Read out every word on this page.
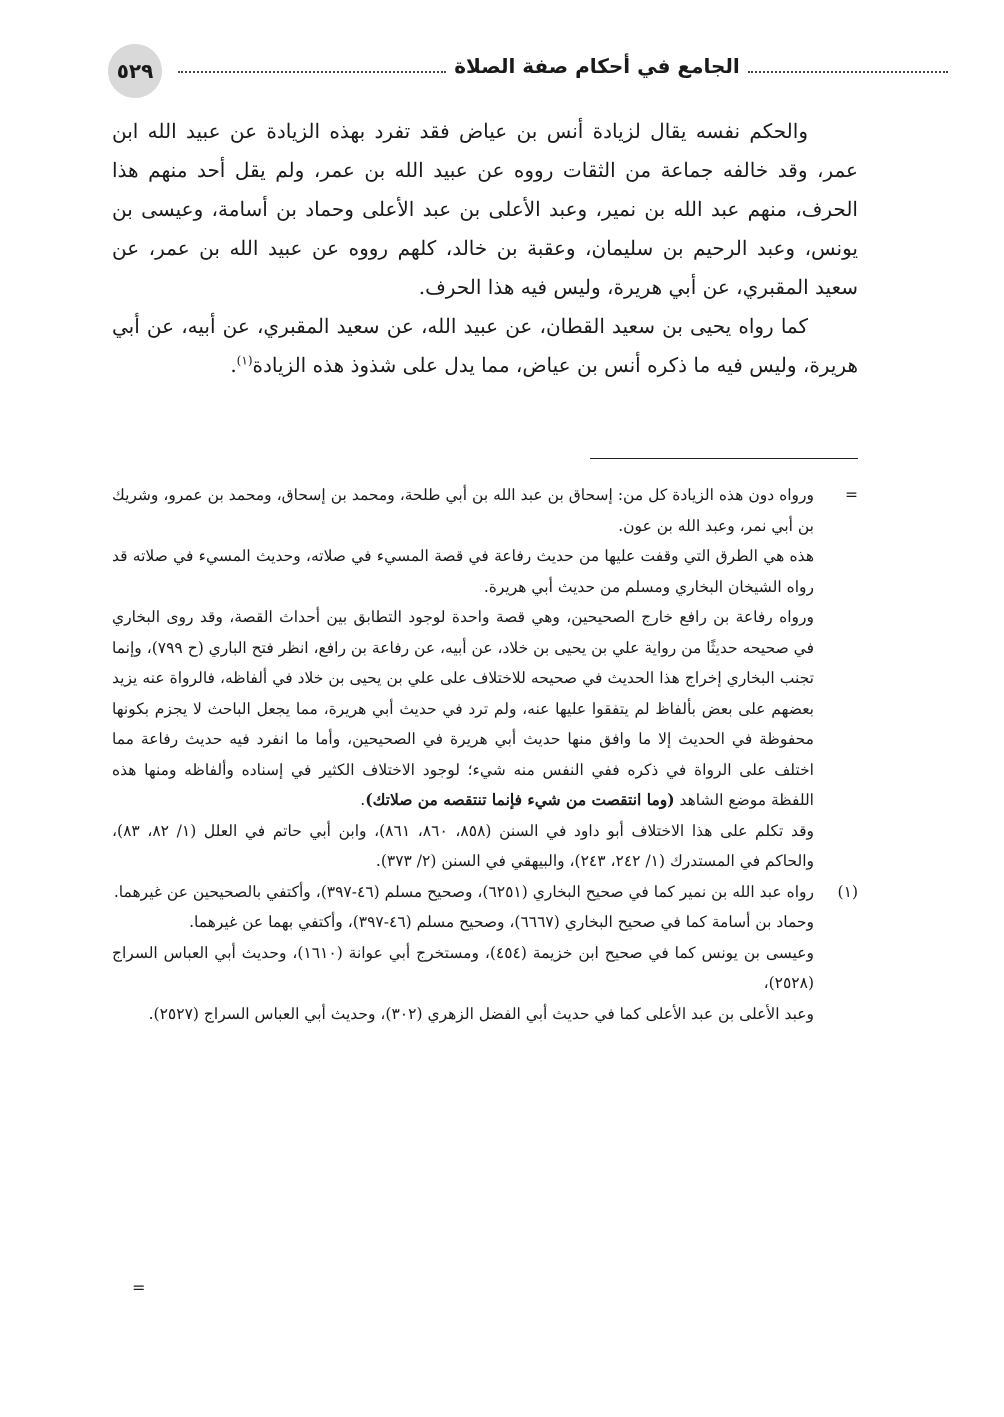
٥٢٩	الجامع في أحكام صفة الصلاة

والحكم نفسه يقال لزيادة أنس بن عياض فقد تفرد بهذه الزيادة عن عبيد الله ابن عمر، وقد خالفه جماعة من الثقات رووه عن عبيد الله بن عمر، ولم يقل أحد منهم هذا الحرف، منهم عبد الله بن نمير، وعبد الأعلى بن عبد الأعلى وحماد بن أسامة، وعيسى بن يونس، وعبد الرحيم بن سليمان، وعقبة بن خالد، كلهم رووه عن عبيد الله بن عمر، عن سعيد المقبري، عن أبي هريرة، وليس فيه هذا الحرف.

كما رواه يحيى بن سعيد القطان، عن عبيد الله، عن سعيد المقبري، عن أبيه، عن أبي هريرة، وليس فيه ما ذكره أنس بن عياض، مما يدل على شذوذ هذه الزيادة$^{(١)}$.

=
ورواه دون هذه الزيادة كل من: إسحاق بن عبد الله بن أبي طلحة، ومحمد بن إسحاق، ومحمد بن عمرو، وشريك بن أبي نمر، وعبد الله بن عون.

هذه هي الطرق التي وقفت عليها من حديث رفاعة في قصة المسيء في صلاته، وحديث المسيء في صلاته قد رواه الشيخان البخاري ومسلم من حديث أبي هريرة.

ورواه رفاعة بن رافع خارج الصحيحين، وهي قصة واحدة لوجود التطابق بين أحداث القصة، وقد روى البخاري في صحيحه حديثًا من رواية علي بن يحيى بن خلاد، عن أبيه، عن رفاعة بن رافع، انظر فتح الباري (ح ٧٩٩)، وإنما تجنب البخاري إخراج هذا الحديث في صحيحه للاختلاف على علي بن يحيى بن خلاد في ألفاظه، فالرواة عنه يزيد بعضهم على بعض بألفاظ لم يتفقوا عليها عنه، ولم ترد في حديث أبي هريرة، مما يجعل الباحث لا يجزم بكونها محفوظة في الحديث إلا ما وافق منها حديث أبي هريرة في الصحيحين، وأما ما انفرد فيه حديث رفاعة مما اختلف على الرواة في ذكره ففي النفس منه شيء؛ لوجود الاختلاف الكثير في إسناده وألفاظه ومنها هذه اللفظة موضع الشاهد (وما انتقصت من شيء فإنما تنتقصه من صلاتك).

وقد تكلم على هذا الاختلاف أبو داود في السنن (٨٥٨، ٨٦٠، ٨٦١)، وابن أبي حاتم في العلل (١/ ٨٢، ٨٣)، والحاكم في المستدرك (١/ ٢٤٢، ٢٤٣)، والبيهقي في السنن (٢/ ٣٧٣).

(١)
رواه عبد الله بن نمير كما في صحيح البخاري (٦٢٥١)، وصحيح مسلم (٤٦-٣٩٧)، وأكتفي بالصحيحين عن غيرهما.

وحماد بن أسامة كما في صحيح البخاري (٦٦٦٧)، وصحيح مسلم (٤٦-٣٩٧)، وأكتفي بهما عن غيرهما.

وعيسى بن يونس كما في صحيح ابن خزيمة (٤٥٤)، ومستخرج أبي عوانة (١٦١٠)، وحديث أبي العباس السراج (٢٥٢٨)،

وعبد الأعلى بن عبد الأعلى كما في حديث أبي الفضل الزهري (٣٠٢)، وحديث أبي العباس السراج (٢٥٢٧).

=
